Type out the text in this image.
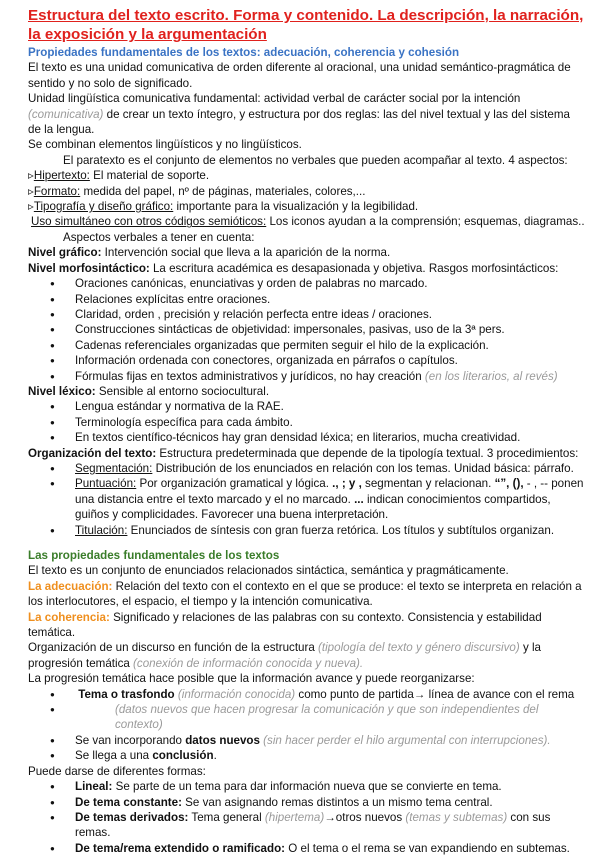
Estructura del texto escrito. Forma y contenido. La descripción, la narración, la exposición y la argumentación
Propiedades fundamentales de los textos: adecuación, coherencia y cohesión

El texto es una unidad comunicativa de orden diferente al oracional, una unidad semántico-pragmática de sentido y no solo de significado.

Unidad lingüística comunicativa fundamental: actividad verbal de carácter social por la intención (comunicativa) de crear un texto íntegro, y estructura por dos reglas: las del nivel textual y las del sistema de la lengua.

Se combinan elementos lingüísticos y no lingüísticos.

El paratexto es el conjunto de elementos no verbales que pueden acompañar al texto. 4 aspectos:

▹Hipertexto: El material de soporte.

▹Formato: medida del papel, nº de páginas, materiales, colores,...

▹Tipografía y diseño gráfico: importante para la visualización y la legibilidad.

Uso simultáneo con otros códigos semióticos: Los iconos ayudan a la comprensión; esquemas, diagramas..

Aspectos verbales a tener en cuenta:

Nivel gráfico: Intervención social que lleva a la aparición de la norma.

Nivel morfosintáctico: La escritura académica es desapasionada y objetiva. Rasgos morfosintácticos:

● Oraciones canónicas, enunciativas y orden de palabras no marcado.
● Relaciones explícitas entre oraciones.
● Claridad, orden , precisión y relación perfecta entre ideas / oraciones.
● Construcciones sintácticas de objetividad: impersonales, pasivas, uso de la 3ª pers.
● Cadenas referenciales organizadas que permiten seguir el hilo de la explicación.
● Información ordenada con conectores, organizada en párrafos o capítulos.
● Fórmulas fijas en textos administrativos y jurídicos, no hay creación (en los literarios, al revés)

Nivel léxico: Sensible al entorno sociocultural.

● Lengua estándar y normativa de la RAE.
● Terminología específica para cada ámbito.
● En textos científico-técnicos hay gran densidad léxica; en literarios, mucha creatividad.

Organización del texto: Estructura predeterminada que depende de la tipología textual. 3 procedimientos:

● Segmentación: Distribución de los enunciados en relación con los temas. Unidad básica: párrafo.
● Puntuación: Por organización gramatical y lógica. ., ; y , segmentan y relacionan. “”, (), - , -- ponen una distancia entre el texto marcado y el no marcado. ... indican conocimientos compartidos, guiños y complicidades. Favorecer una buena interpretación.
● Titulación: Enunciados de síntesis con gran fuerza retórica. Los títulos y subtítulos organizan.
Las propiedades fundamentales de los textos

El texto es un conjunto de enunciados relacionados sintáctica, semántica y pragmáticamente.

La adecuación: Relación del texto con el contexto en el que se produce: el texto se interpreta en relación a los interlocutores, el espacio, el tiempo y la intención comunicativa.

La coherencia: Significado y relaciones de las palabras con su contexto. Consistencia y estabilidad temática.

Organización de un discurso en función de la estructura (tipología del texto y género discursivo) y la progresión temática (conexión de información conocida y nueva).

La progresión temática hace posible que la información avance y puede reorganizarse:

● Tema o trasfondo (información conocida) como punto de partida→ línea de avance con el rema
● (datos nuevos que hacen progresar la comunicación y que son independientes del contexto)
● Se van incorporando datos nuevos (sin hacer perder el hilo argumental con interrupciones).
● Se llega a una conclusión.

Puede darse de diferentes formas:

● Lineal: Se parte de un tema para dar información nueva que se convierte en tema.
● De tema constante: Se van asignando remas distintos a un mismo tema central.
● De temas derivados: Tema general (hipertema)→otros nuevos (temas y subtemas) con sus remas.
● De tema/rema extendido o ramificado: O el tema o el rema se van expandiendo en subtemas.
